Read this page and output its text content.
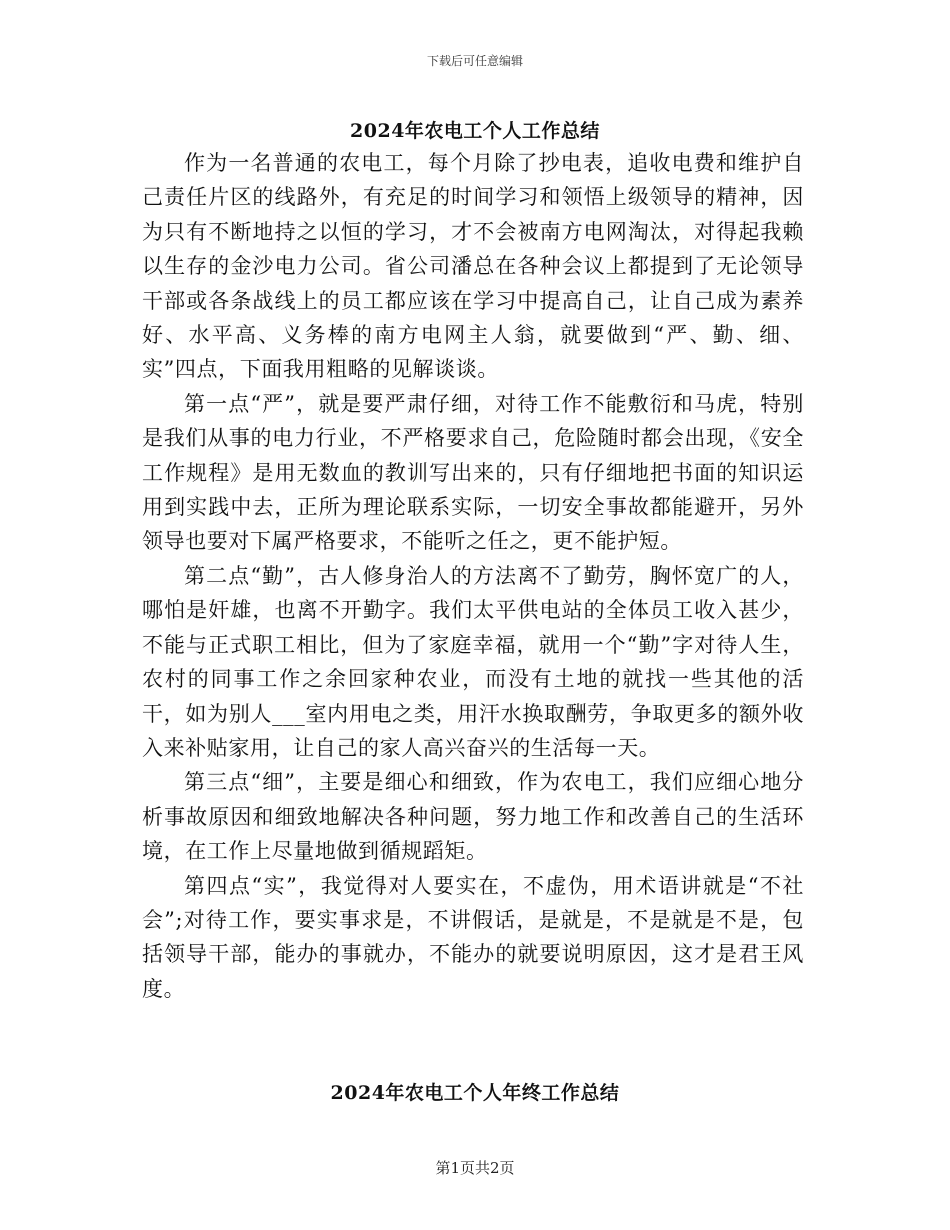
下载后可任意编辑
2024年农电工个人工作总结

作为一名普通的农电工，每个月除了抄电表，追收电费和维护自己责任片区的线路外，有充足的时间学习和领悟上级领导的精神，因为只有不断地持之以恒的学习，才不会被南方电网淘汰，对得起我赖以生存的金沙电力公司。省公司潘总在各种会议上都提到了无论领导干部或各条战线上的员工都应该在学习中提高自己，让自己成为素养好、水平高、义务棒的南方电网主人翁，就要做到“严、勤、细、实”四点，下面我用粗略的见解谈谈。

第一点“严”，就是要严肃仔细，对待工作不能敷衍和马虎，特别是我们从事的电力行业，不严格要求自己，危险随时都会出现，《安全工作规程》是用无数血的教训写出来的，只有仔细地把书面的知识运用到实践中去，正所为理论联系实际，一切安全事故都能避开，另外领导也要对下属严格要求，不能听之任之，更不能护短。

第二点“勤”，古人修身治人的方法离不了勤劳，胸怀宽广的人，哪怕是奸雄，也离不开勤字。我们太平供电站的全体员工收入甚少，不能与正式职工相比，但为了家庭幸福，就用一个“勤”字对待人生，农村的同事工作之余回家种农业，而没有土地的就找一些其他的活干，如为别人___室内用电之类，用汗水换取酬劳，争取更多的额外收入来补贴家用，让自己的家人高兴奋兴的生活每一天。

第三点“细”，主要是细心和细致，作为农电工，我们应细心地分析事故原因和细致地解决各种问题，努力地工作和改善自己的生活环境，在工作上尽量地做到循规蹈矩。

第四点“实”，我觉得对人要实在，不虚伪，用术语讲就是“不社会”;对待工作，要实事求是，不讲假话，是就是，不是就是不是，包括领导干部，能办的事就办，不能办的就要说明原因，这才是君王风度。

2024年农电工个人年终工作总结
第1页共2页
